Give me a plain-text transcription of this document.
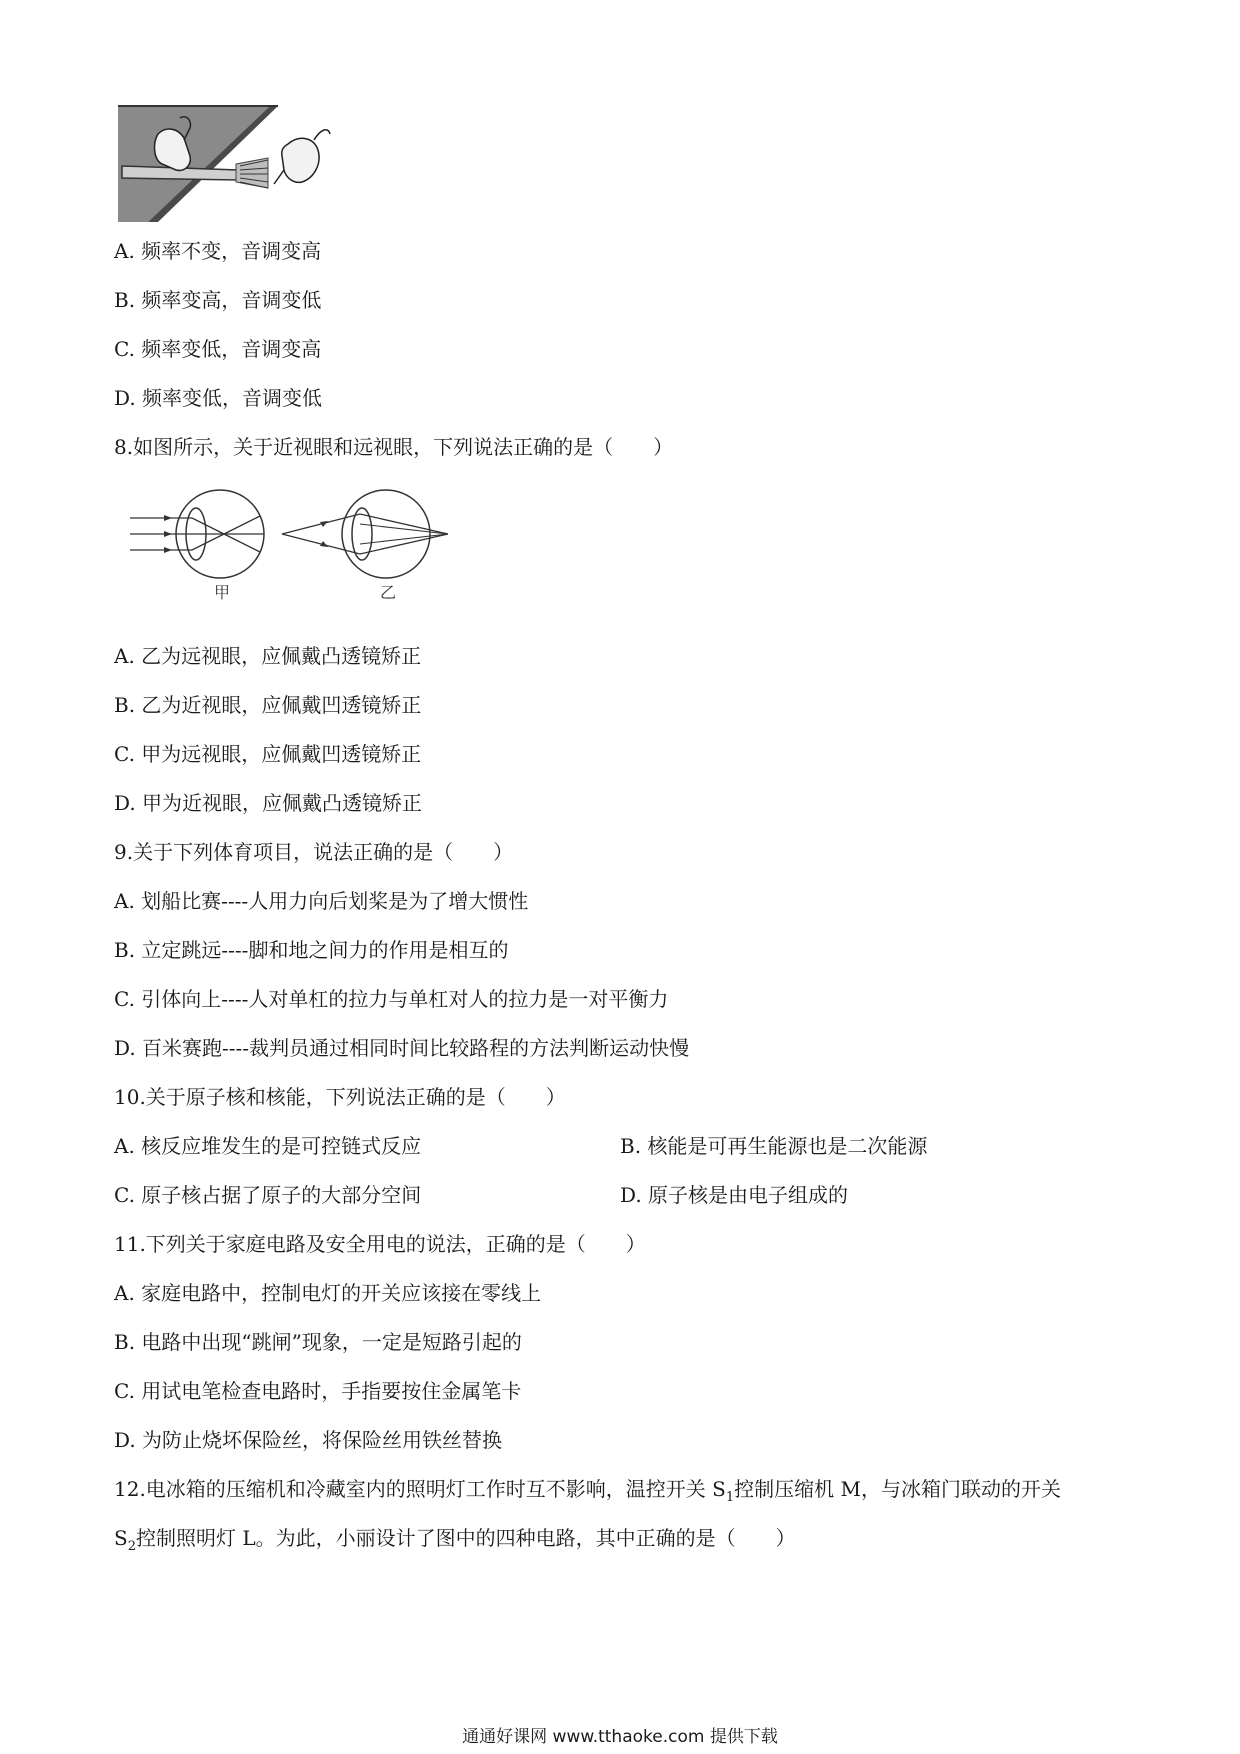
A. 频率不变，音调变高
B. 频率变高，音调变低
C. 频率变低，音调变高
D. 频率变低，音调变低
8.如图所示，关于近视眼和远视眼，下列说法正确的是（　　）
甲	乙
A. 乙为远视眼，应佩戴凸透镜矫正
B. 乙为近视眼，应佩戴凹透镜矫正
C. 甲为远视眼，应佩戴凹透镜矫正
D. 甲为近视眼，应佩戴凸透镜矫正
9.关于下列体育项目，说法正确的是（　　）
A. 划船比赛----人用力向后划桨是为了增大惯性
B. 立定跳远----脚和地之间力的作用是相互的
C. 引体向上----人对单杠的拉力与单杠对人的拉力是一对平衡力
D. 百米赛跑----裁判员通过相同时间比较路程的方法判断运动快慢
10.关于原子核和核能，下列说法正确的是（　　）
A. 核反应堆发生的是可控链式反应	B. 核能是可再生能源也是二次能源
C. 原子核占据了原子的大部分空间	D. 原子核是由电子组成的
11.下列关于家庭电路及安全用电的说法，正确的是（　　）
A. 家庭电路中，控制电灯的开关应该接在零线上
B. 电路中出现“跳闸”现象，一定是短路引起的
C. 用试电笔检查电路时，手指要按住金属笔卡
D. 为防止烧坏保险丝，将保险丝用铁丝替换
12.电冰箱的压缩机和冷藏室内的照明灯工作时互不影响，温控开关 $S_1$控制压缩机 M，与冰箱门联动的开关
$S_2$控制照明灯 L。为此，小丽设计了图中的四种电路，其中正确的是（　　）
通通好课网 www.tthaoke.com 提供下载
